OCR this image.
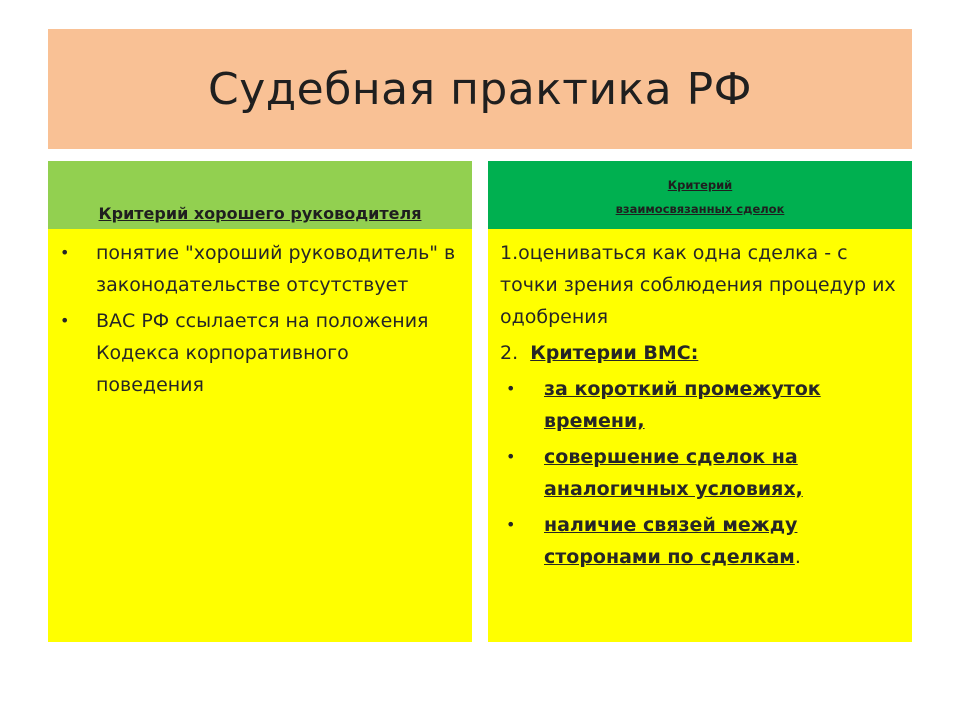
Судебная практика РФ
Критерий хорошего руководителя
•	понятие "хороший руководитель" в законодательстве отсутствует
•	ВАС РФ ссылается на положения Кодекса корпоративного поведения
Критерий
взаимосвязанных сделок
1.оцениваться как одна сделка - с точки зрения соблюдения процедур их одобрения
2. Критерии ВМС:
•	за короткий промежуток времени,
•	совершение сделок на аналогичных условиях,
•	наличие связей между сторонами по сделкам.
